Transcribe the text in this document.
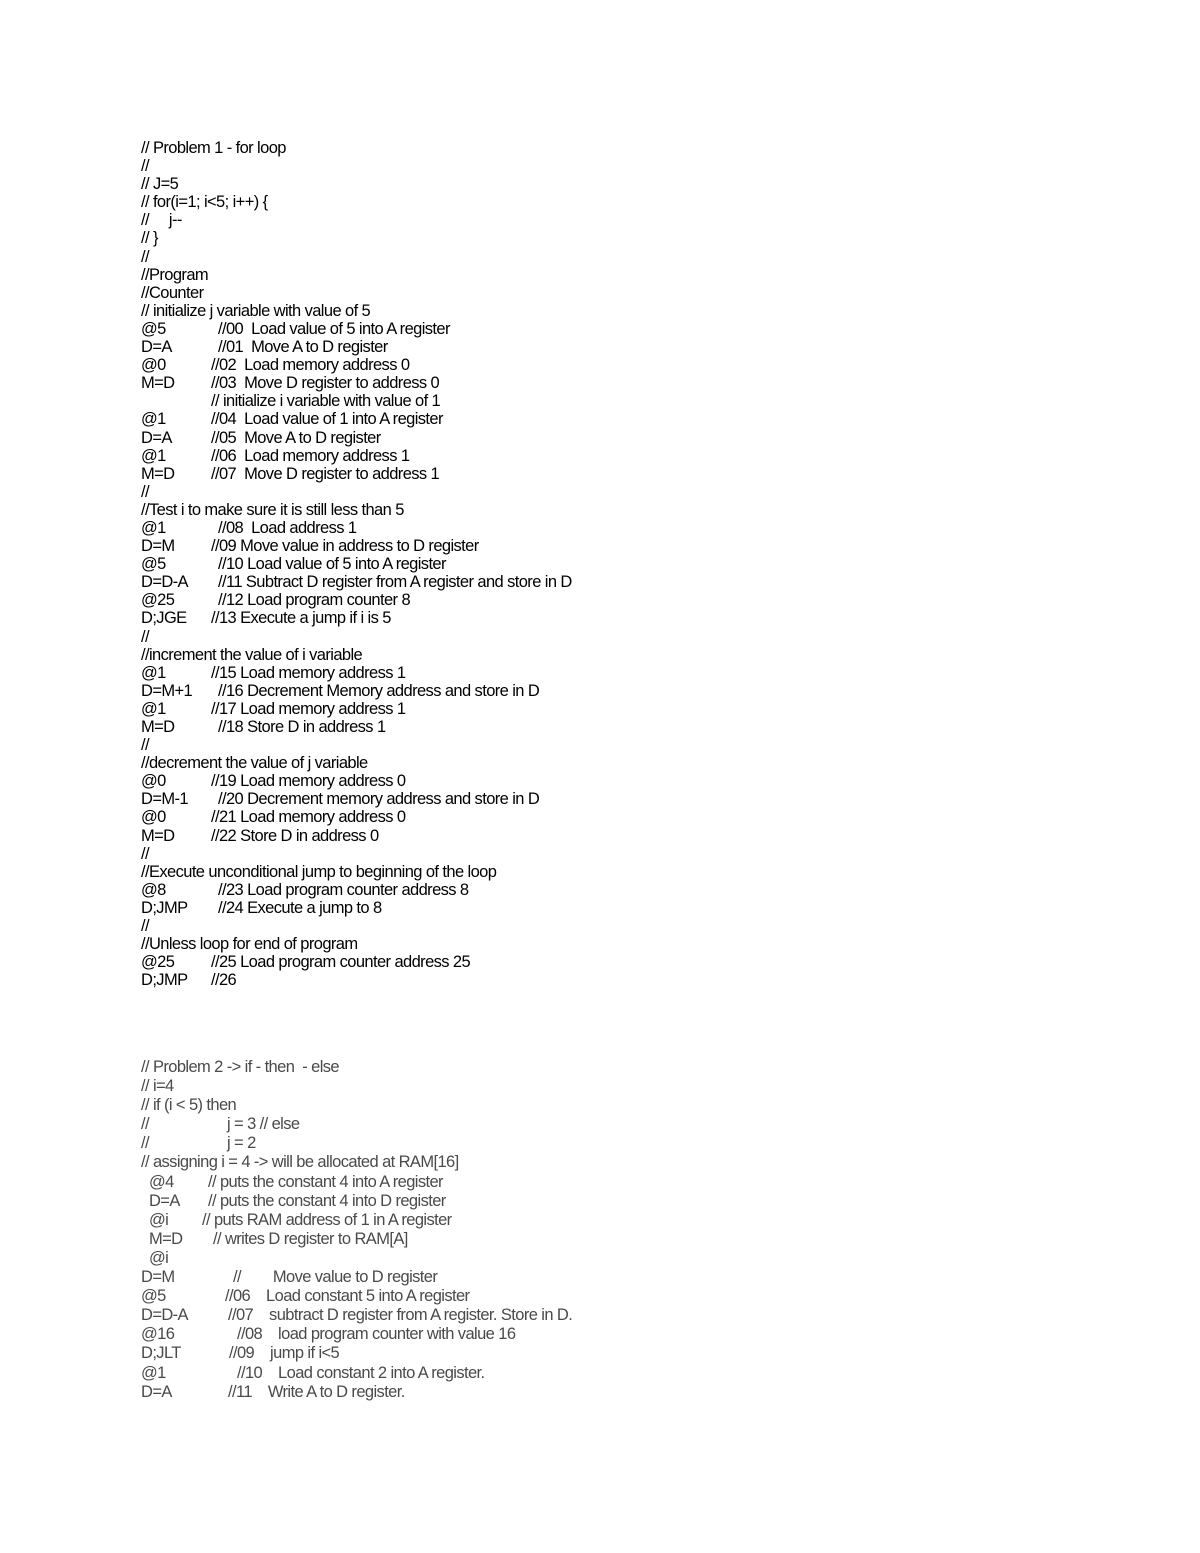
// Problem 1 - for loop
//
// J=5
// for(i=1; i<5; i++) {
//     j--
// }
//
//Program
//Counter
// initialize j variable with value of 5
@5	//00  Load value of 5 into A register
D=A	//01  Move A to D register
@0	//02  Load memory address 0
M=D //03  Move D register to address 0
// initialize i variable with value of 1
@1	//04  Load value of 1 into A register
D=A //05  Move A to D register
@1	//06  Load memory address 1
M=D //07  Move D register to address 1
//
//Test i to make sure it is still less than 5
@1	//08  Load address 1
D=M //09 Move value in address to D register
@5	//10 Load value of 5 into A register
D=D-A //11 Subtract D register from A register and store in D
@25	//12 Load program counter 8
D;JGE //13 Execute a jump if i is 5
//
//increment the value of i variable
@1	//15 Load memory address 1
D=M+1 //16 Decrement Memory address and store in D
@1	//17 Load memory address 1
M=D	//18 Store D in address 1
//
//decrement the value of j variable
@0	//19 Load memory address 0
D=M-1 //20 Decrement memory address and store in D
@0	//21 Load memory address 0
M=D //22 Store D in address 0
//
//Execute unconditional jump to beginning of the loop
@8	//23 Load program counter address 8
D;JMP //24 Execute a jump to 8
//
//Unless loop for end of program
@25 //25 Load program counter address 25
D;JMP //26
// Problem 2 -> if - then  - else
// i=4
// if (i < 5) then
//	j = 3 // else
//	j = 2
// assigning i = 4 -> will be allocated at RAM[16]
@4 // puts the constant 4 into A register
D=A // puts the constant 4 into D register
@i // puts RAM address of 1 in A register
M=D // writes D register to RAM[A]
@i
D=M	//        Move value to D register
@5	//06    Load constant 5 into A register
D=D-A //07    subtract D register from A register. Store in D.
@16	//08    load program counter with value 16
D;JLT	//09    jump if i<5
@1	//10    Load constant 2 into A register.
D=A	//11    Write A to D register.
